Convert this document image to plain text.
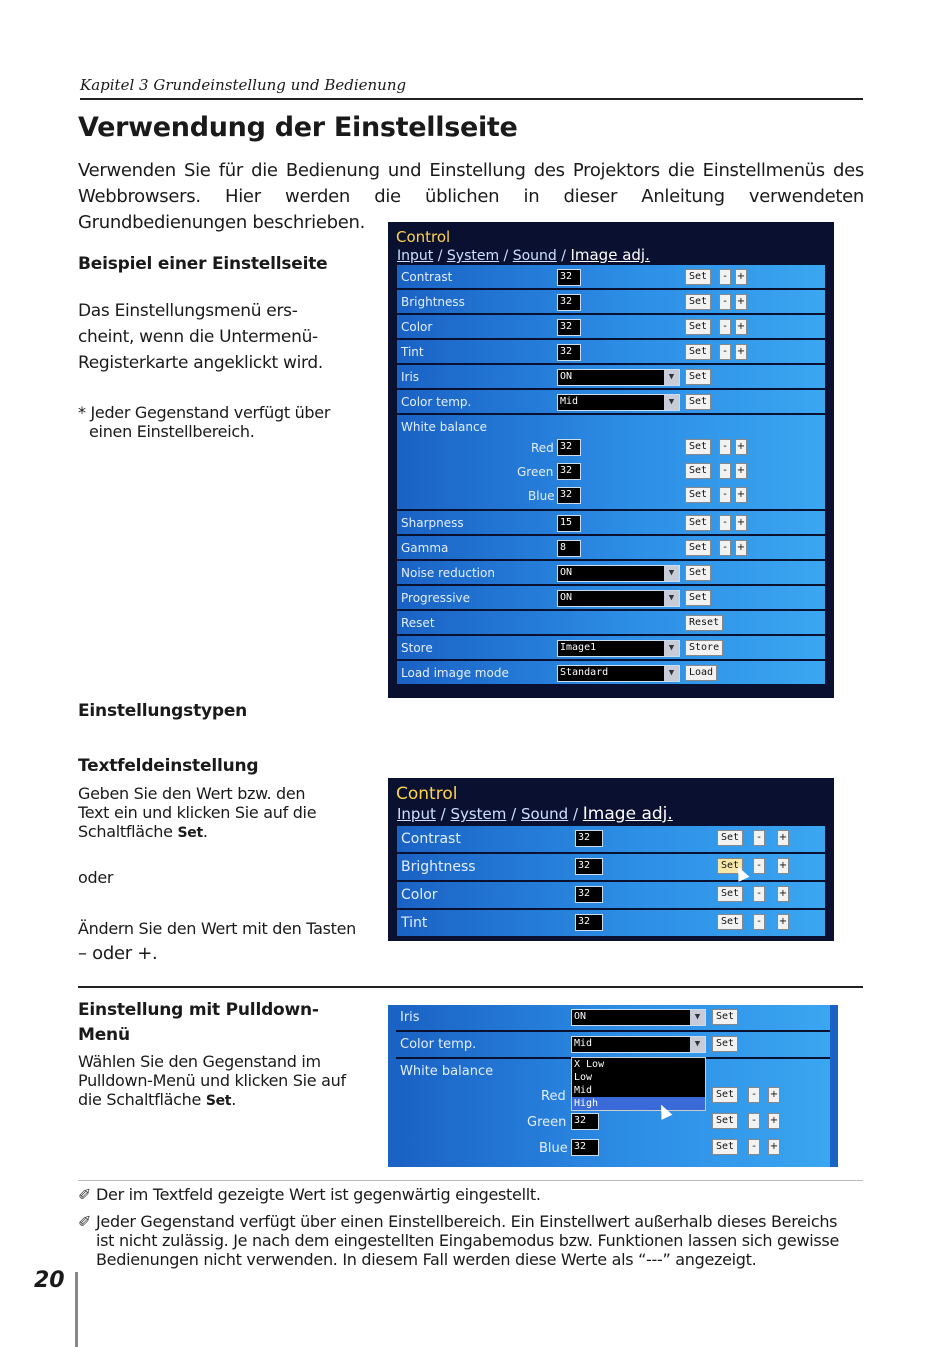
Kapitel 3 Grundeinstellung und Bedienung
Verwendung der Einstellseite
Verwenden Sie für die Bedienung und Einstellung des Projektors die Einstellmenüs des Webbrowsers. Hier werden die üblichen in dieser Anleitung verwendeten Grundbedienungen beschrieben.
Beispiel einer Einstellseite
Das Einstellungsmenü ers-
cheint, wenn die Untermenü-
Registerkarte angeklickt wird.
* Jeder Gegenstand verfügt über
einen Einstellbereich.
Control
Input / System / Sound / Image adj.
Contrast	32	Set	-	+
Brightness	32	Set	-	+
Color	32	Set	-	+
Tint	32	Set	-	+
Iris	ON	▼	Set
Color temp.	Mid	▼	Set
White balance
Red 32	Set	-	+
Green 32	Set	-	+
Blue 32	Set	-	+
Sharpness	15	Set	-	+
Gamma	8	Set	-	+
Noise reduction	ON	▼	Set
Progressive	ON	▼	Set
Reset	Reset
Store	Image1	▼	Store
Load image mode	Standard	▼	Load
Einstellungstypen
Textfeldeinstellung
Geben Sie den Wert bzw. den
Text ein und klicken Sie auf die
Schaltfläche Set.
oder
Ändern Sie den Wert mit den Tasten
– oder +.
Control
Input / System / Sound / Image adj.
Contrast	32	Set	-	+
Brightness	32	Set	-	+
Color	32	Set	-	+
Tint	32	Set	-	+
Einstellung mit Pulldown-
Menü
Wählen Sie den Gegenstand im
Pulldown-Menü und klicken Sie auf
die Schaltfläche Set.
Iris	ON	▼	Set
Color temp.	Mid	▼	Set
White balance
Red	Set	-	+
Green 32	Set	-	+
Blue 32	Set	-	+
X Low
Low
Mid
High
✐ Der im Textfeld gezeigte Wert ist gegenwärtig eingestellt.
✐ Jeder Gegenstand verfügt über einen Einstellbereich. Ein Einstellwert außerhalb dieses Bereichs
ist nicht zulässig. Je nach dem eingestellten Eingabemodus bzw. Funktionen lassen sich gewisse
Bedienungen nicht verwenden. In diesem Fall werden diese Werte als “---” angezeigt.
20
